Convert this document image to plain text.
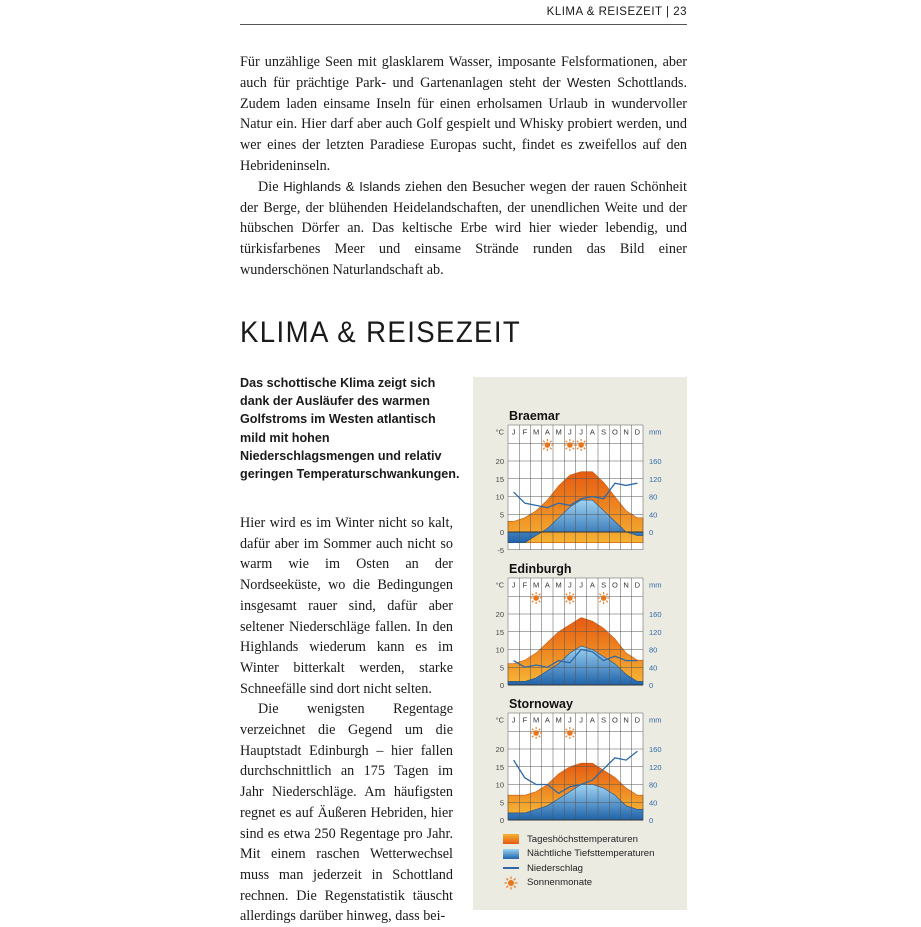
KLIMA & REISEZEIT | 23

Für unzählige Seen mit glasklarem Wasser, imposante Felsformationen, aber auch für prächtige Park- und Gartenanlagen steht der Westen Schottlands. Zudem laden einsame Inseln für einen erholsamen Urlaub in wundervoller Natur ein. Hier darf aber auch Golf gespielt und Whisky probiert werden, und wer eines der letzten Paradiese Europas sucht, findet es zweifellos auf den Hebrideninseln.

Die Highlands & Islands ziehen den Besucher wegen der rauen Schönheit der Berge, der blühenden Heidelandschaften, der unendlichen Weite und der hübschen Dörfer an. Das keltische Erbe wird hier wieder lebendig, und türkisfarbenes Meer und einsame Strände runden das Bild einer wunderschönen Naturlandschaft ab.

KLIMA & REISEZEIT
Das schottische Klima zeigt sich dank der Ausläufer des warmen Golfstroms im Westen atlantisch mild mit hohen Niederschlagsmengen und relativ geringen Temperaturschwankungen.

Hier wird es im Winter nicht so kalt, dafür aber im Sommer auch nicht so warm wie im Osten an der Nordseeküste, wo die Bedingungen insgesamt rauer sind, dafür aber seltener Niederschläge fallen. In den Highlands wiederum kann es im Winter bitterkalt werden, starke Schneefälle sind dort nicht selten.

Die wenigsten Regentage verzeichnet die Gegend um die Hauptstadt Edinburgh – hier fallen durchschnittlich an 175 Tagen im Jahr Niederschläge. Am häufigsten regnet es auf Äußeren Hebriden, hier sind es etwa 250 Regentage pro Jahr. Mit einem raschen Wetterwechsel muss man jederzeit in Schottland rechnen. Die Regenstatistik täuscht allerdings darüber hinweg, dass bei-

Braemar
°C	mm
J F M A M J J A S O N D
20
15
10
5
0
-5
160
120
80
40
0
Edinburgh
°C	mm
J F M A M J J A S O N D
20
15
10
5
0
160
120
80
40
0
Stornoway
°C	mm
J F M A M J J A S O N D
20
15
10
5
0
160
120
80
40
0
Tageshöchsttemperaturen
Nächtliche Tiefsttemperaturen
Niederschlag
Sonnenmonate
